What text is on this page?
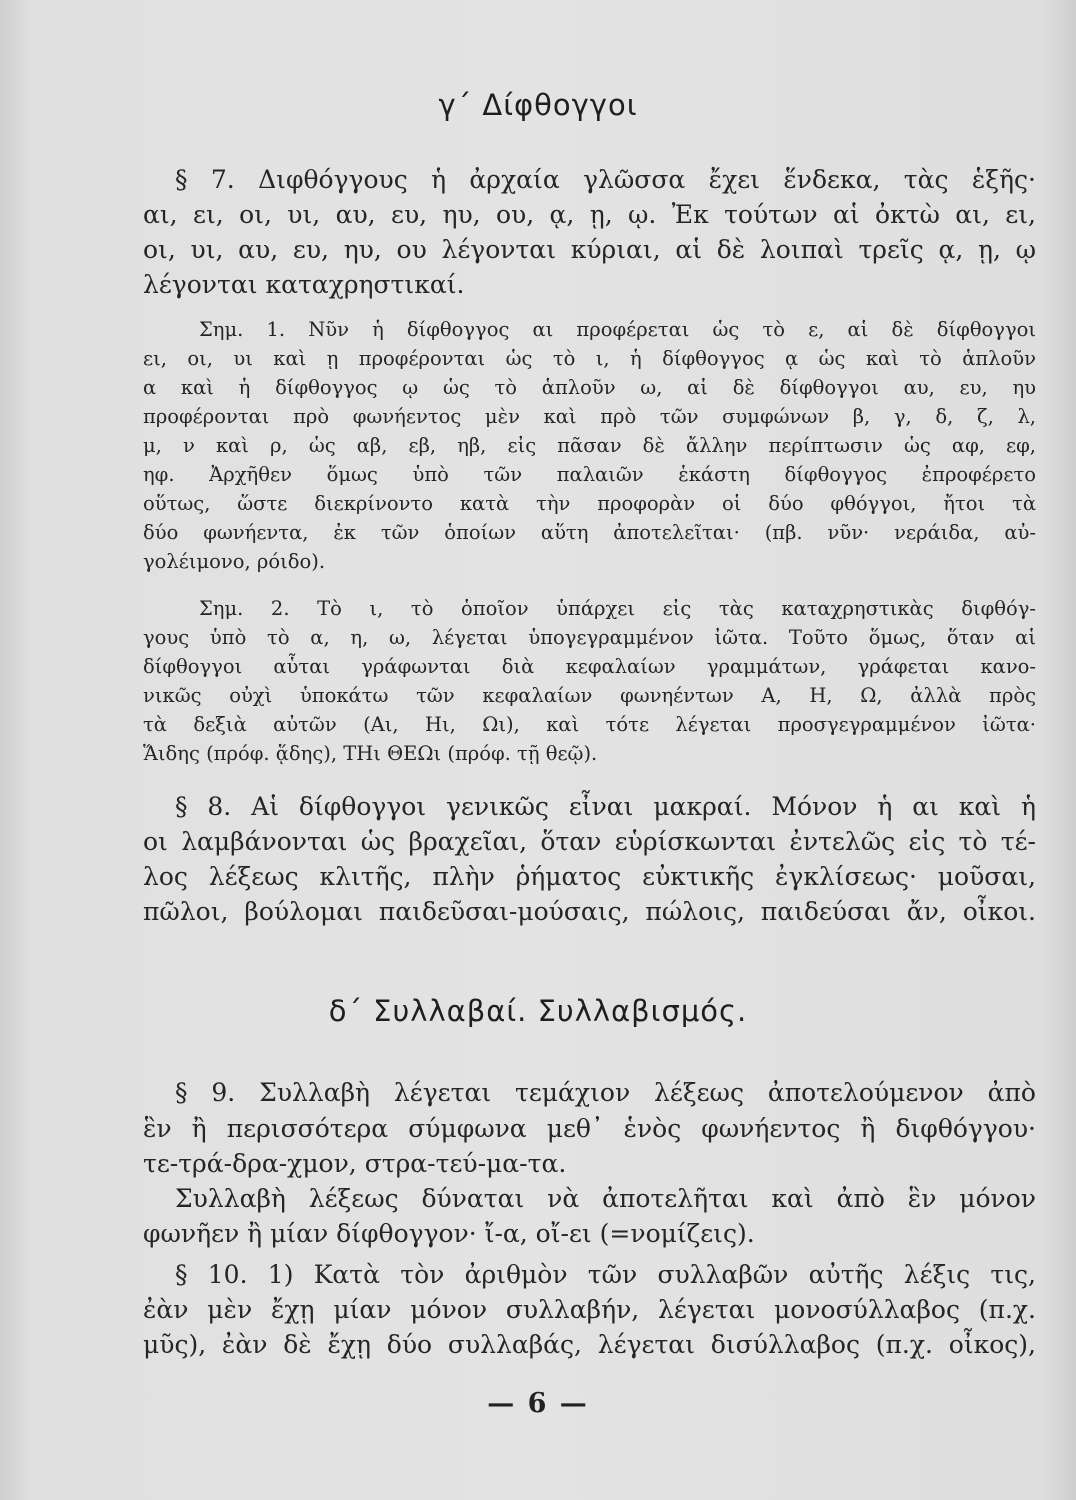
γ΄ Δίφθογγοι
§ 7. Διφθόγγους ἡ ἀρχαία γλῶσσα ἔχει ἕνδεκα, τὰς ἑξῆς·
αι, ει, οι, υι, αυ, ευ, ηυ, ου, ᾳ, ῃ, ῳ. Ἐκ τούτων αἱ ὀκτὼ αι, ει,
οι, υι, αυ, ευ, ηυ, ου λέγονται κύριαι, αἱ δὲ λοιπαὶ τρεῖς ᾳ, ῃ, ῳ
λέγονται καταχρηστικαί.
Σημ. 1. Νῦν ἡ δίφθογγος αι προφέρεται ὡς τὸ ε, αἱ δὲ δίφθογγοι
ει, οι, υι καὶ ῃ προφέρονται ὡς τὸ ι, ἡ δίφθογγος ᾳ ὡς καὶ τὸ ἁπλοῦν
α καὶ ἡ δίφθογγος ῳ ὡς τὸ ἁπλοῦν ω, αἱ δὲ δίφθογγοι αυ, ευ, ηυ
προφέρονται πρὸ φωνήεντος μὲν καὶ πρὸ τῶν συμφώνων β, γ, δ, ζ, λ,
μ, ν καὶ ρ, ὡς αβ, εβ, ηβ, εἰς πᾶσαν δὲ ἄλλην περίπτωσιν ὡς αφ, εφ,
ηφ. Ἀρχῆθεν ὅμως ὑπὸ τῶν παλαιῶν ἑκάστη δίφθογγος ἐπροφέρετο
οὕτως, ὥστε διεκρίνοντο κατὰ τὴν προφορὰν οἱ δύο φθόγγοι, ἤτοι τὰ
δύο φωνήεντα, ἐκ τῶν ὁποίων αὕτη ἀποτελεῖται· (πβ. νῦν· νεράιδα, αὐ-
γολέιμονο, ρόιδο).
Σημ. 2. Τὸ ι, τὸ ὁποῖον ὑπάρχει εἰς τὰς καταχρηστικὰς διφθόγ-
γους ὑπὸ τὸ α, η, ω, λέγεται ὑπογεγραμμένον ἰῶτα. Τοῦτο ὅμως, ὅταν αἱ
δίφθογγοι αὗται γράφωνται διὰ κεφαλαίων γραμμάτων, γράφεται κανο-
νικῶς οὐχὶ ὑποκάτω τῶν κεφαλαίων φωνηέντων Α, Η, Ω, ἀλλὰ πρὸς
τὰ δεξιὰ αὐτῶν (Αι, Ηι, Ωι), καὶ τότε λέγεται προσγεγραμμένον ἰῶτα·
Ἅιδης (πρόφ. ᾅδης), ΤΗι ΘΕΩι (πρόφ. τῇ θεῷ).
§ 8. Αἱ δίφθογγοι γενικῶς εἶναι μακραί. Μόνον ἡ αι καὶ ἡ
οι λαμβάνονται ὡς βραχεῖαι, ὅταν εὑρίσκωνται ἐντελῶς εἰς τὸ τέ-
λος λέξεως κλιτῆς, πλὴν ῥήματος εὐκτικῆς ἐγκλίσεως· μοῦσαι,
πῶλοι, βούλομαι παιδεῦσαι-μούσαις, πώλοις, παιδεύσαι ἄν, οἶκοι.
δ΄ Συλλαβαί. Συλλαβισμός.
§ 9. Συλλαβὴ λέγεται τεμάχιον λέξεως ἀποτελούμενον ἀπὸ
ἓν ἢ περισσότερα σύμφωνα μεθ᾽ ἑνὸς φωνήεντος ἢ διφθόγγου·
τε-τρά-δρα-χμον, στρα-τεύ-μα-τα.
Συλλαβὴ λέξεως δύναται νὰ ἀποτελῆται καὶ ἀπὸ ἓν μόνον
φωνῆεν ἢ μίαν δίφθογγον· ἴ-α, οἴ-ει (=νομίζεις).
§ 10. 1) Κατὰ τὸν ἀριθμὸν τῶν συλλαβῶν αὐτῆς λέξις τις,
ἐὰν μὲν ἔχῃ μίαν μόνον συλλαβήν, λέγεται μονοσύλλαβος (π.χ.
μῦς), ἐὰν δὲ ἔχῃ δύο συλλαβάς, λέγεται δισύλλαβος (π.χ. οἶκος),
— 6 —
